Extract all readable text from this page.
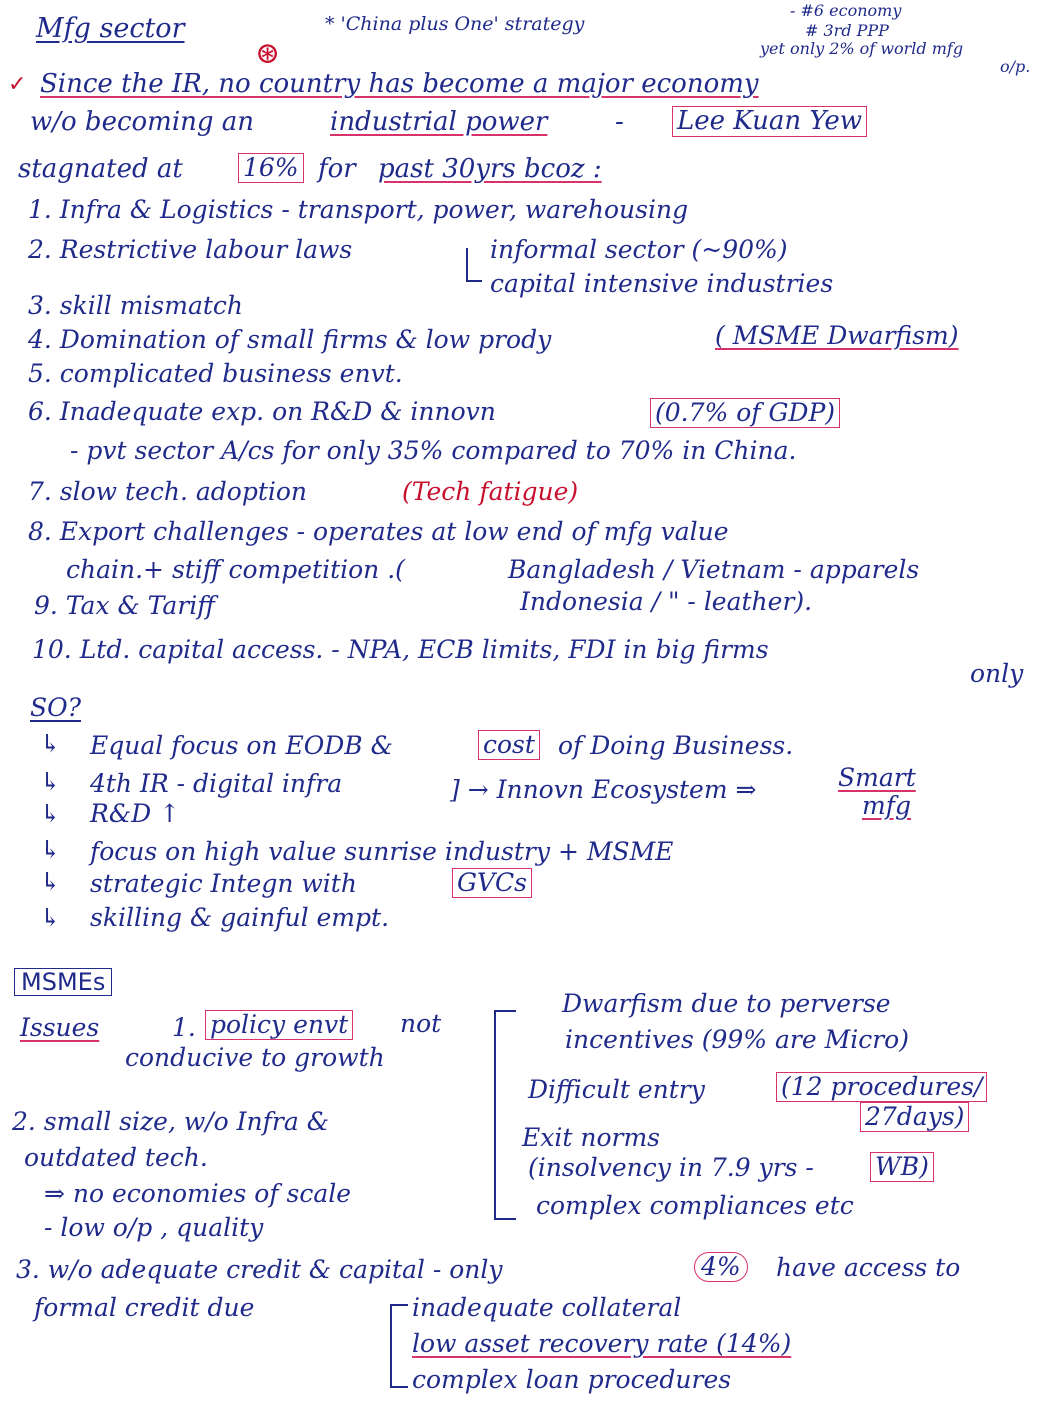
Mfg sector
⊛
* 'China plus One' strategy
- #6 economy
# 3rd PPP
yet only 2% of world mfg
o/p.
✓ Since the IR, no country has become a major economy
w/o becoming an	industrial power	- Lee Kuan Yew
stagnated at 16% for past 30yrs bcoz :
1. Infra & Logistics - transport, power, warehousing
2. Restrictive labour laws	informal sector (~90%)
capital intensive industries
3. skill mismatch
4. Domination of small firms & low prody	( MSME Dwarfism)
5. complicated business envt.
6. Inadequate exp. on R&D & innovn	(0.7% of GDP)
- pvt sector A/cs for only 35% compared to 70% in China.
7. slow tech. adoption	(Tech fatigue)
8. Export challenges - operates at low end of mfg value
chain.+ stiff competition .(	Bangladesh / Vietnam - apparels
Indonesia / " - leather).
9. Tax & Tariff
10. Ltd. capital access. - NPA, ECB limits, FDI in big firms
only
SO?
↳ Equal focus on EODB &	cost of Doing Business.
↳ 4th IR - digital infra
↳ R&D ↑
] → Innovn Ecosystem ⇒	Smart
mfg
↳ focus on high value sunrise industry + MSME
↳ strategic Integn with	GVCs
↳ skilling & gainful empt.
MSMEs
Issues	1. policy envt not
conducive to growth
Dwarfism due to perverse
incentives (99% are Micro)
Difficult entry	(12 procedures/
27days)
Exit norms
(insolvency in 7.9 yrs - WB)
complex compliances etc
2. small size, w/o Infra &
outdated tech.
⇒ no economies of scale
- low o/p , quality
3. w/o adequate credit & capital - only	4% have access to
formal credit due	inadequate collateral
low asset recovery rate (14%)
complex loan procedures
